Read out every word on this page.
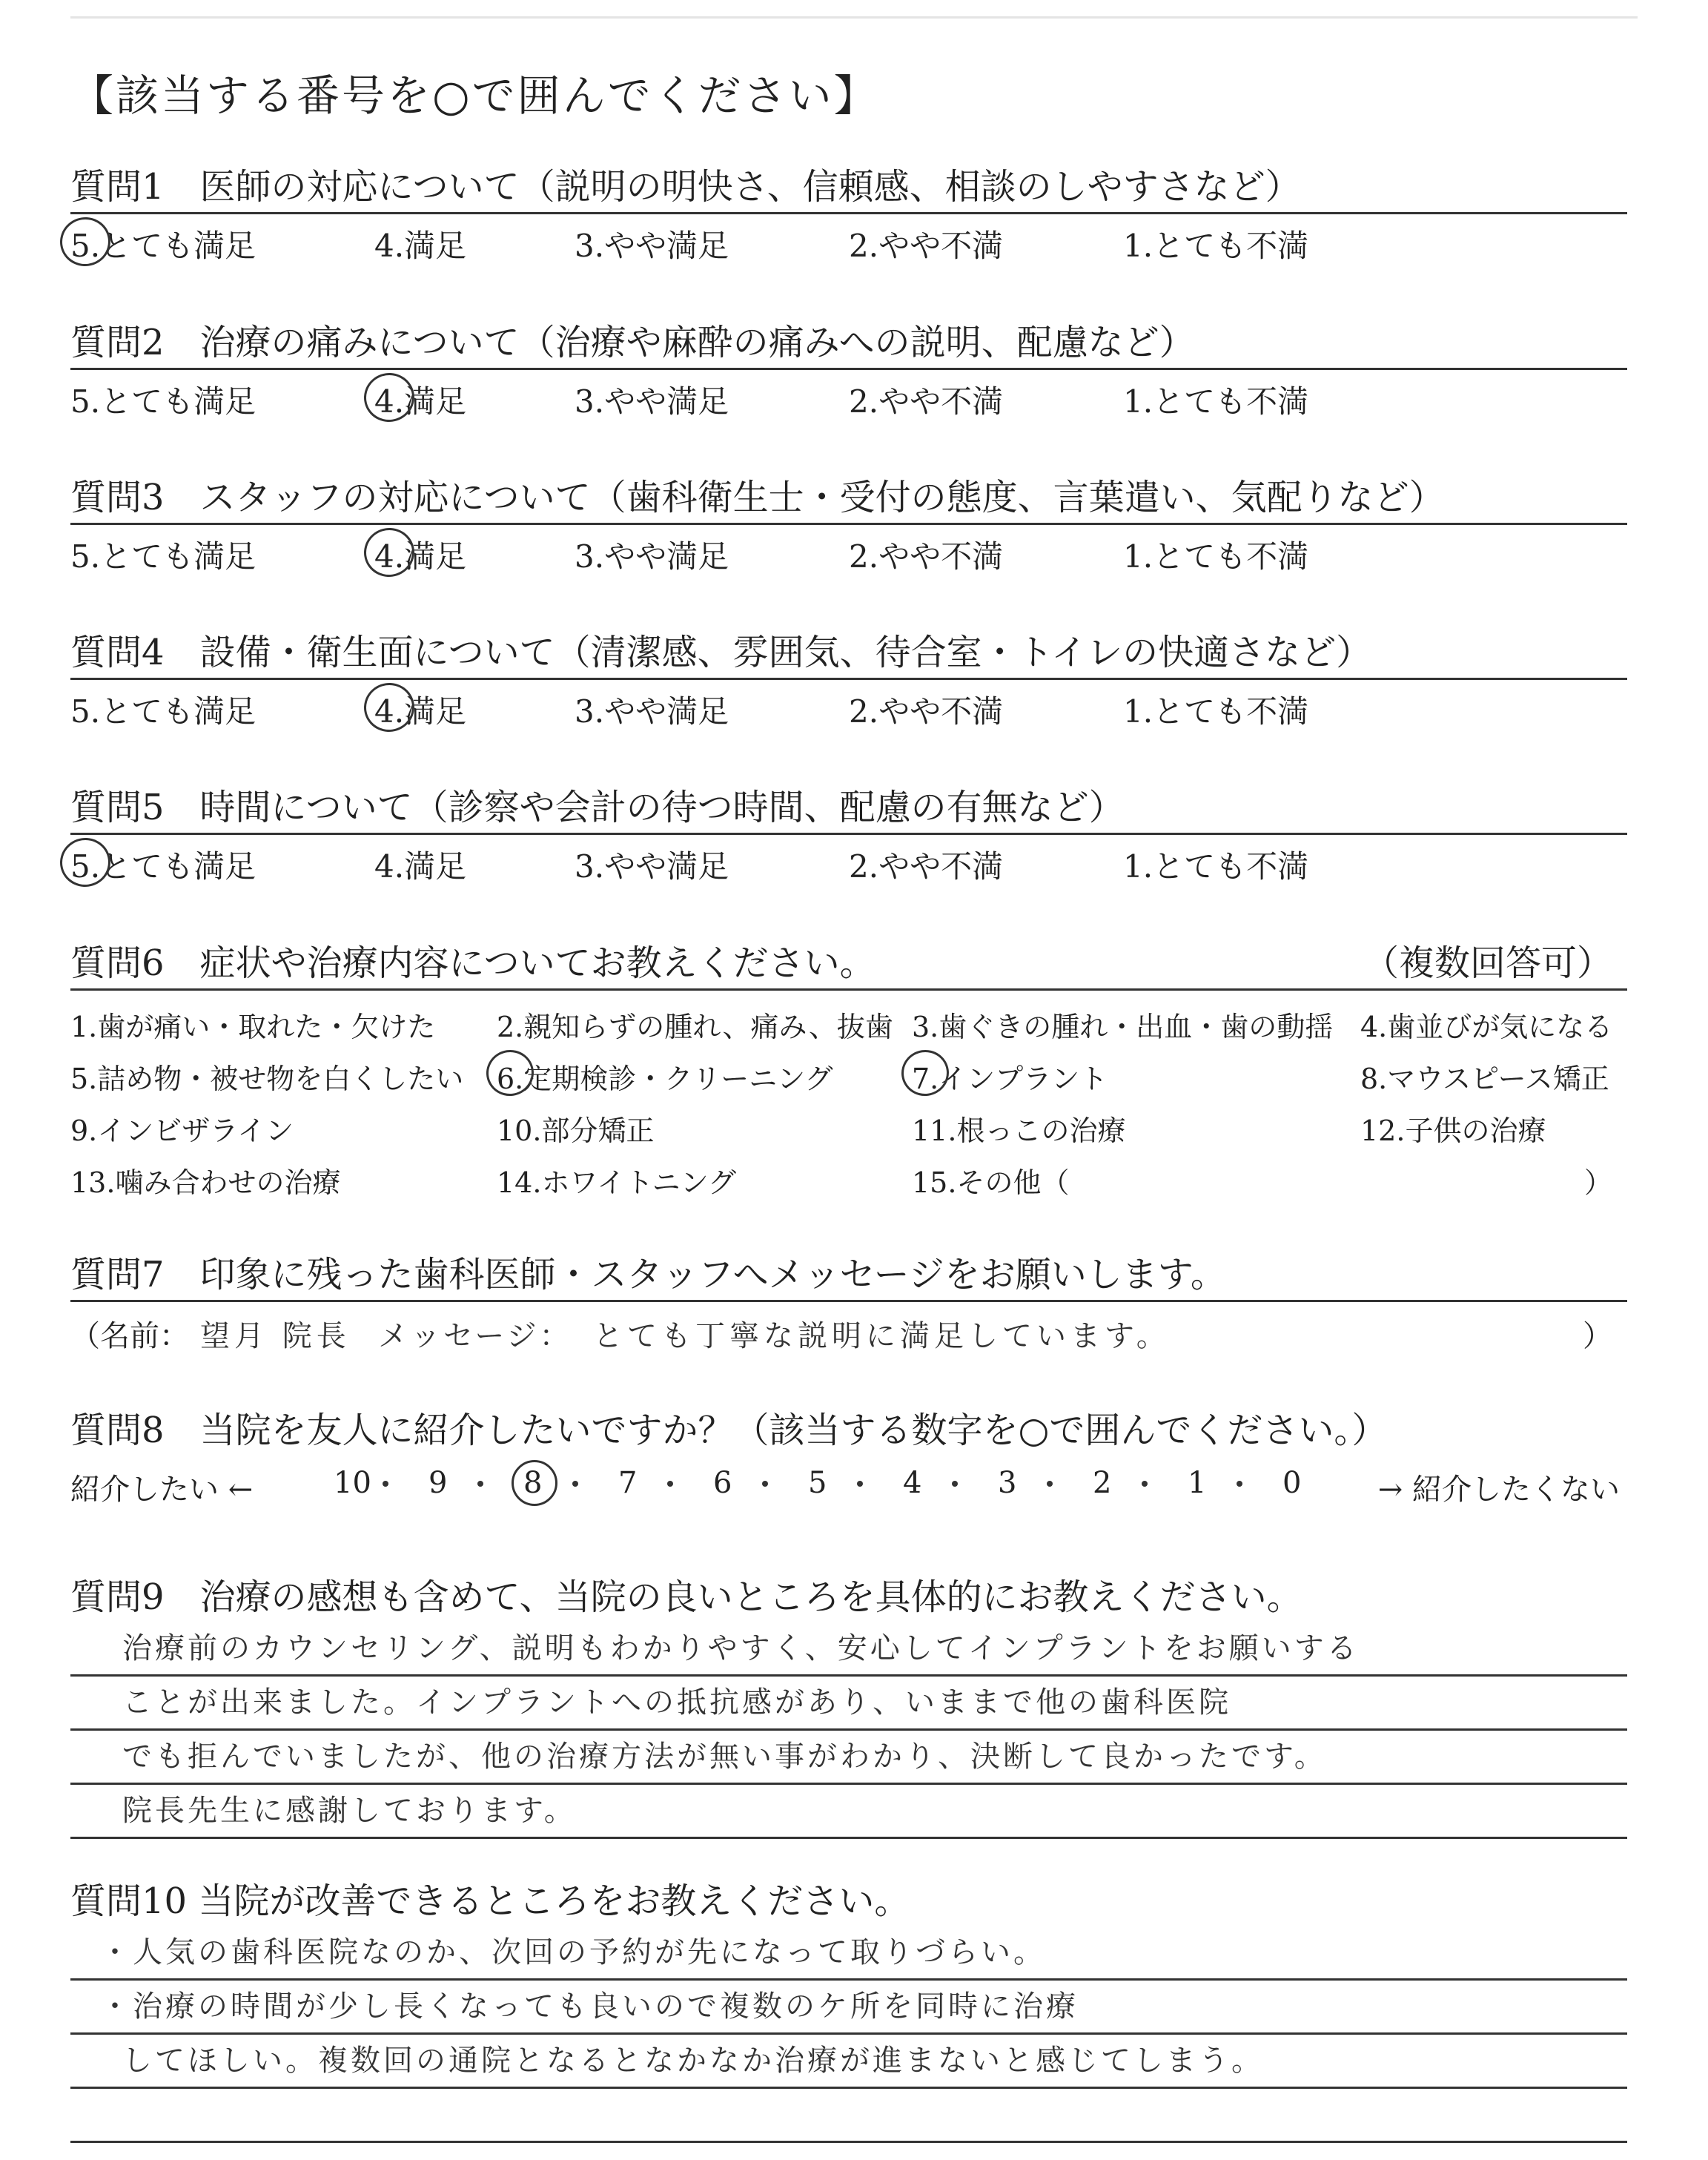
【該当する番号を○で囲んでください】
質問1　医師の対応について（説明の明快さ、信頼感、相談のしやすさなど）
5.とても満足	4.満足	3.やや満足	2.やや不満	1.とても不満
質問2　治療の痛みについて（治療や麻酔の痛みへの説明、配慮など）
5.とても満足	4.満足	3.やや満足	2.やや不満	1.とても不満
質問3　スタッフの対応について（歯科衛生士・受付の態度、言葉遣い、気配りなど）
5.とても満足	4.満足	3.やや満足	2.やや不満	1.とても不満
質問4　設備・衛生面について（清潔感、雰囲気、待合室・トイレの快適さなど）
5.とても満足	4.満足	3.やや満足	2.やや不満	1.とても不満
質問5　時間について（診察や会計の待つ時間、配慮の有無など）
5.とても満足	4.満足	3.やや満足	2.やや不満	1.とても不満
質問6　症状や治療内容についてお教えください。	（複数回答可）
1.歯が痛い・取れた・欠けた 2.親知らずの腫れ、痛み、抜歯 3.歯ぐきの腫れ・出血・歯の動揺 4.歯並びが気になる
5.詰め物・被せ物を白くしたい 6.定期検診・クリーニング	7.インプラント	8.マウスピース矯正
9.インビザライン	10.部分矯正	11.根っこの治療	12.子供の治療
13.噛み合わせの治療	14.ホワイトニング	15.その他（	）
質問7　印象に残った歯科医師・スタッフへメッセージをお願いします。
（名前： 望月 院長 メッセージ： とても丁寧な説明に満足しています。	）
質問8　当院を友人に紹介したいですか？（該当する数字を○で囲んでください。）
紹介したい ←	→ 紹介したくない
10 9	8	7	6	5	4	3	2	1	0
質問9　治療の感想も含めて、当院の良いところを具体的にお教えください。
治療前のカウンセリング、説明もわかりやすく、安心してインプラントをお願いする
ことが出来ました。インプラントへの抵抗感があり、いままで他の歯科医院
でも拒んでいましたが、他の治療方法が無い事がわかり、決断して良かったです。
院長先生に感謝しております。
質問10 当院が改善できるところをお教えください。
・人気の歯科医院なのか、次回の予約が先になって取りづらい。
・治療の時間が少し長くなっても良いので複数のケ所を同時に治療
してほしい。複数回の通院となるとなかなか治療が進まないと感じてしまう。
